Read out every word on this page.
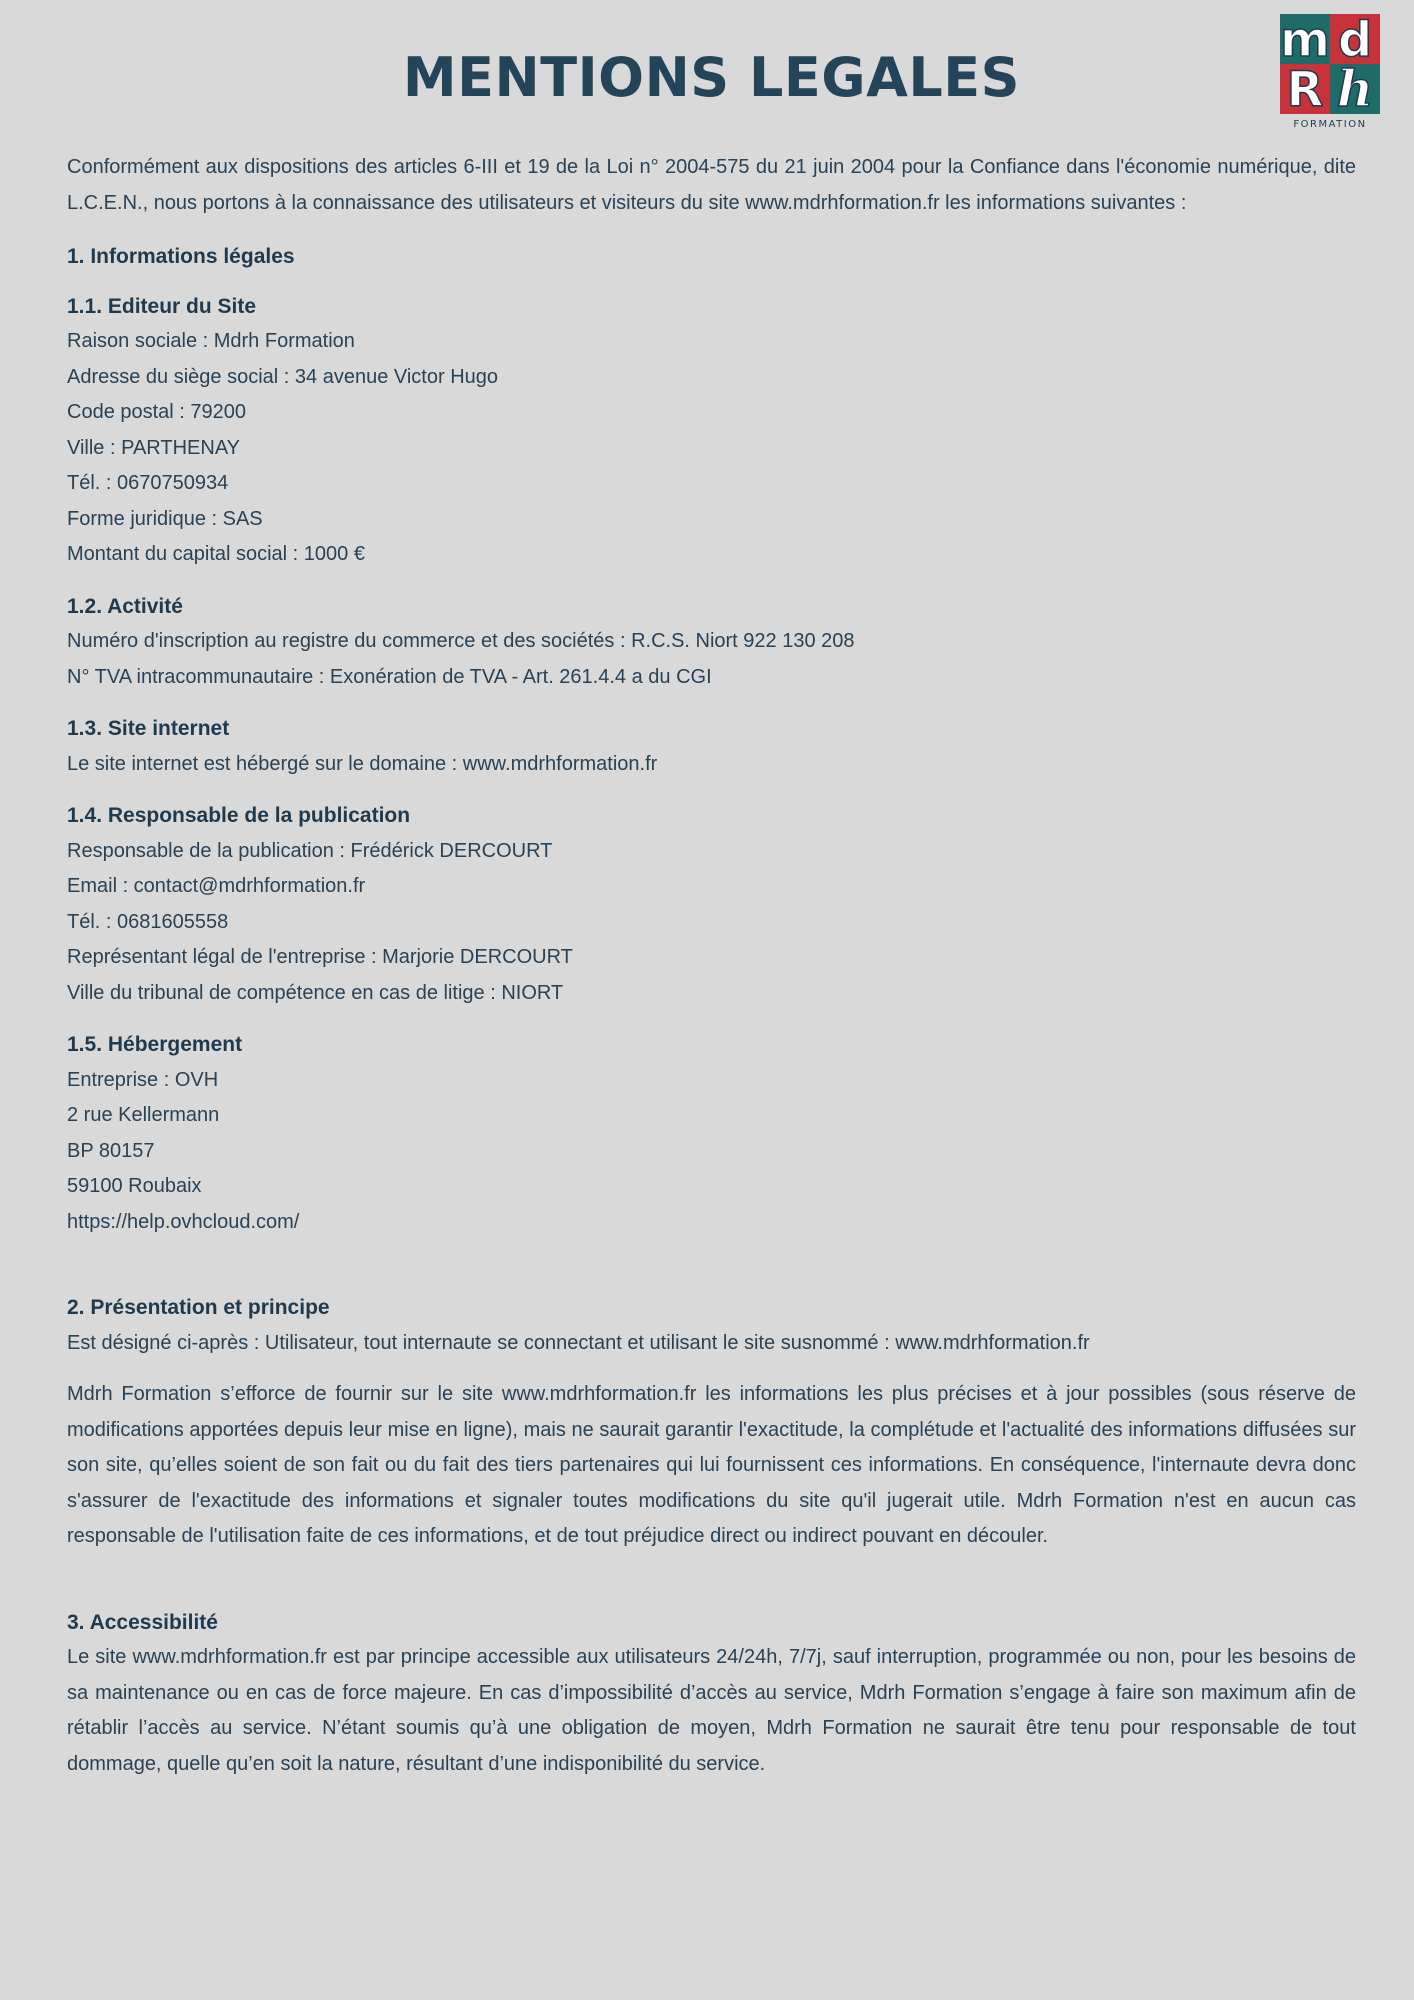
m d
R h
FORMATION
MENTIONS LEGALES

Conformément aux dispositions des articles 6-III et 19 de la Loi n° 2004-575 du 21 juin 2004 pour la Confiance dans l'économie numérique, dite L.C.E.N., nous portons à la connaissance des utilisateurs et visiteurs du site www.mdrhformation.fr les informations suivantes :

1. Informations légales
1.1. Editeur du Site
Raison sociale : Mdrh Formation
Adresse du siège social : 34 avenue Victor Hugo
Code postal : 79200
Ville : PARTHENAY
Tél. : 0670750934
Forme juridique : SAS
Montant du capital social : 1000 €
1.2. Activité
Numéro d'inscription au registre du commerce et des sociétés : R.C.S. Niort 922 130 208
N° TVA intracommunautaire : Exonération de TVA - Art. 261.4.4 a du CGI
1.3. Site internet
Le site internet est hébergé sur le domaine : www.mdrhformation.fr
1.4. Responsable de la publication
Responsable de la publication : Frédérick DERCOURT
Email : contact@mdrhformation.fr
Tél. : 0681605558
Représentant légal de l'entreprise : Marjorie DERCOURT
Ville du tribunal de compétence en cas de litige : NIORT
1.5. Hébergement
Entreprise : OVH
2 rue Kellermann
BP 80157
59100 Roubaix
https://help.ovhcloud.com/
2. Présentation et principe
Est désigné ci-après : Utilisateur, tout internaute se connectant et utilisant le site susnommé : www.mdrhformation.fr

Mdrh Formation s’efforce de fournir sur le site www.mdrhformation.fr les informations les plus précises et à jour possibles (sous réserve de modifications apportées depuis leur mise en ligne), mais ne saurait garantir l'exactitude, la complétude et l'actualité des informations diffusées sur son site, qu’elles soient de son fait ou du fait des tiers partenaires qui lui fournissent ces informations. En conséquence, l'internaute devra donc s'assurer de l'exactitude des informations et signaler toutes modifications du site qu'il jugerait utile. Mdrh Formation n'est en aucun cas responsable de l'utilisation faite de ces informations, et de tout préjudice direct ou indirect pouvant en découler.

3. Accessibilité

Le site www.mdrhformation.fr est par principe accessible aux utilisateurs 24/24h, 7/7j, sauf interruption, programmée ou non, pour les besoins de sa maintenance ou en cas de force majeure. En cas d’impossibilité d’accès au service, Mdrh Formation s’engage à faire son maximum afin de rétablir l’accès au service. N’étant soumis qu’à une obligation de moyen, Mdrh Formation ne saurait être tenu pour responsable de tout dommage, quelle qu’en soit la nature, résultant d’une indisponibilité du service.
